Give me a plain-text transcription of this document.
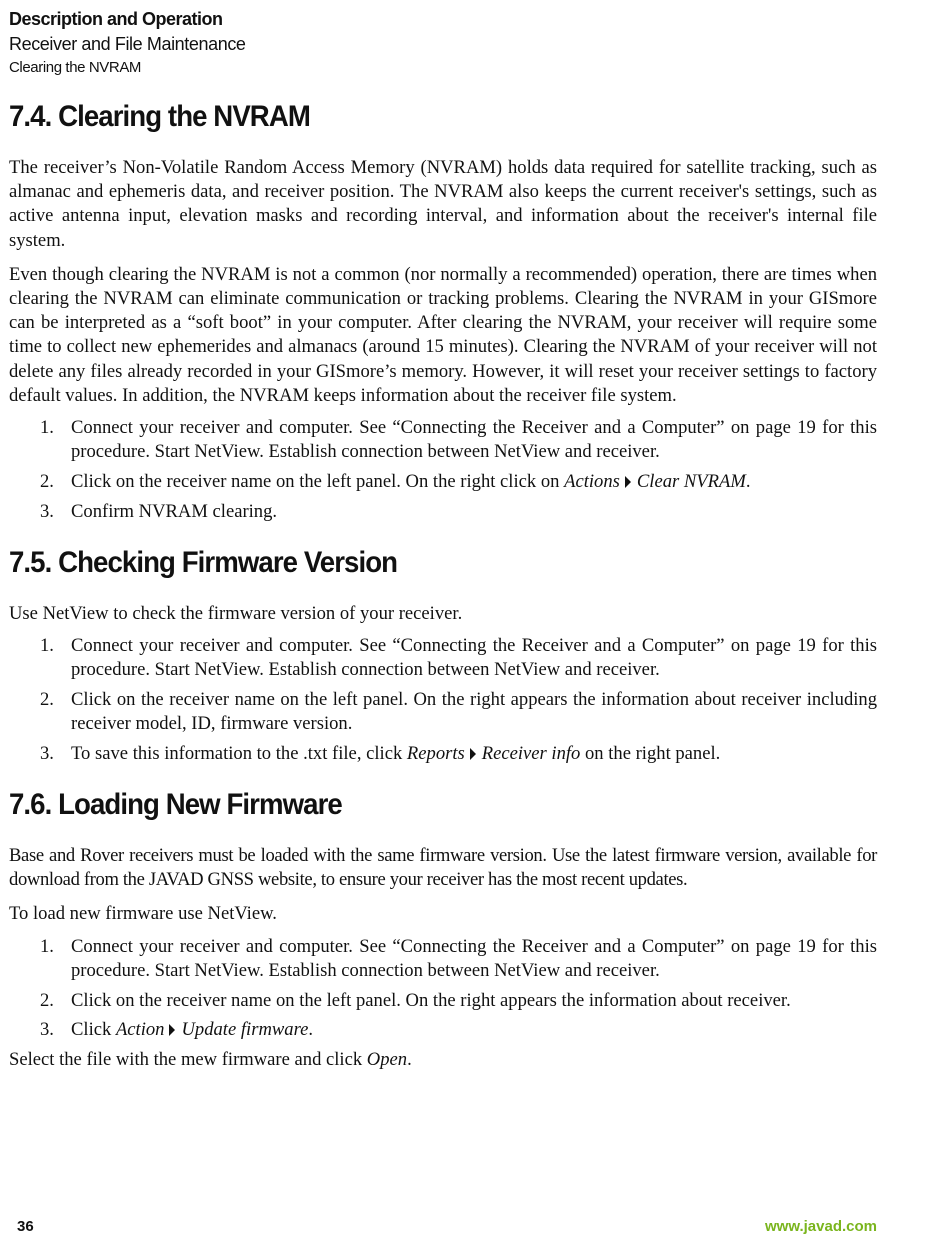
Description and Operation
Receiver and File Maintenance
Clearing the NVRAM
7.4. Clearing the NVRAM

The receiver’s Non-Volatile Random Access Memory (NVRAM) holds data required for satellite tracking, such as almanac and ephemeris data, and receiver position. The NVRAM also keeps the current receiver's settings, such as active antenna input, elevation masks and recording interval, and information about the receiver's internal file system.

Even though clearing the NVRAM is not a common (nor normally a recommended) operation, there are times when clearing the NVRAM can eliminate communication or tracking problems. Clearing the NVRAM in your GISmore can be interpreted as a “soft boot” in your computer. After clearing the NVRAM, your receiver will require some time to collect new ephemerides and almanacs (around 15 minutes). Clearing the NVRAM of your receiver will not delete any files already recorded in your GISmore’s memory. However, it will reset your receiver settings to factory default values. In addition, the NVRAM keeps information about the receiver file system.

1. Connect your receiver and computer. See “Connecting the Receiver and a Computer” on page 19 for this procedure. Start NetView. Establish connection between NetView and receiver.
2. Click on the receiver name on the left panel. On the right click on Actions Clear NVRAM.
3. Confirm NVRAM clearing.
7.5. Checking Firmware Version

Use NetView to check the firmware version of your receiver.

1. Connect your receiver and computer. See “Connecting the Receiver and a Computer” on page 19 for this procedure. Start NetView. Establish connection between NetView and receiver.
2. Click on the receiver name on the left panel. On the right appears the information about receiver including receiver model, ID, firmware version.
3. To save this information to the .txt file, click Reports Receiver info on the right panel.
7.6. Loading New Firmware

Base and Rover receivers must be loaded with the same firmware version. Use the latest firmware version, available for download from the JAVAD GNSS website, to ensure your receiver has the most recent updates.

To load new firmware use NetView.

1. Connect your receiver and computer. See “Connecting the Receiver and a Computer” on page 19 for this procedure. Start NetView. Establish connection between NetView and receiver.
2. Click on the receiver name on the left panel. On the right appears the information about receiver.
3. Click Action Update firmware.

Select the file with the mew firmware and click Open.

36	www.javad.com
